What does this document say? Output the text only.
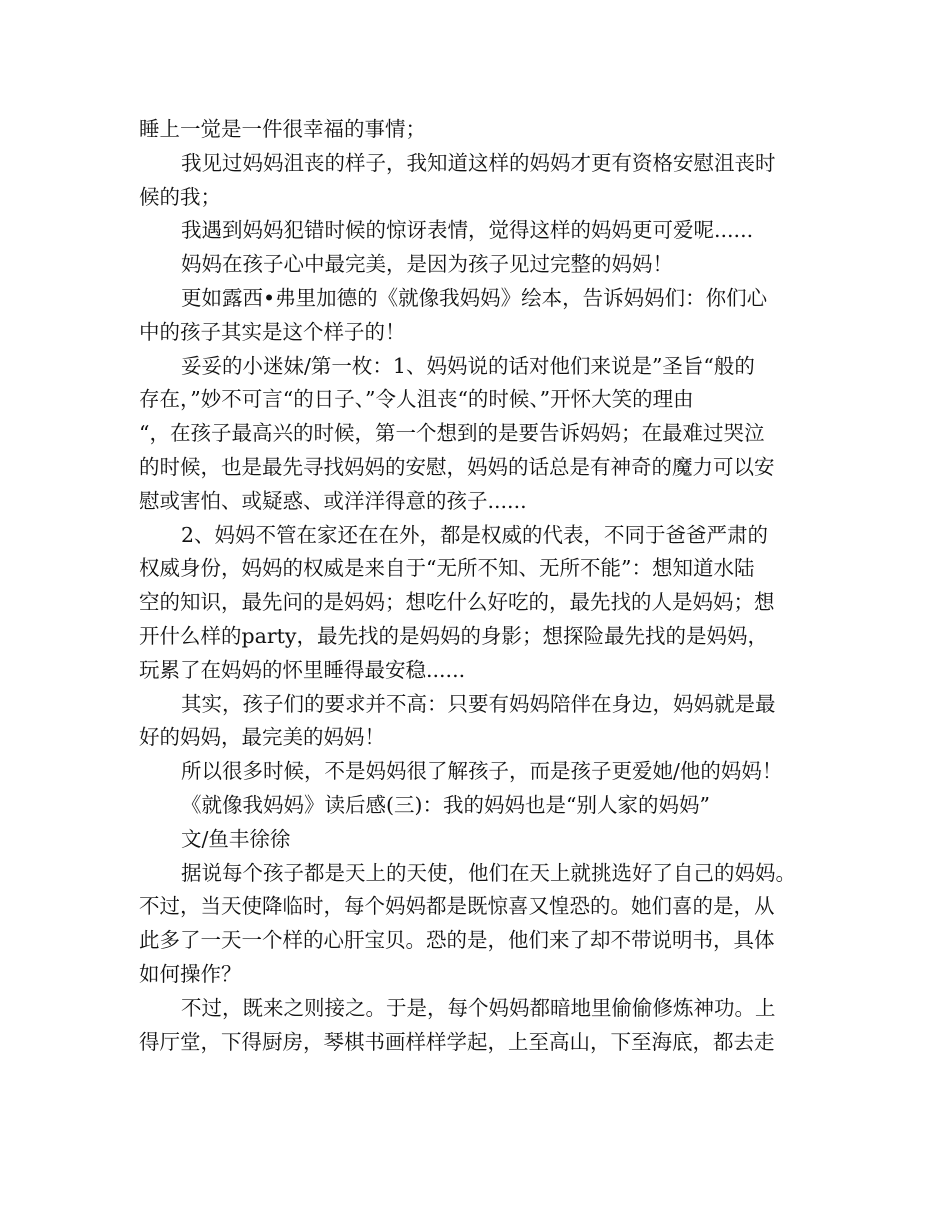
睡上一觉是一件很幸福的事情；
我见过妈妈沮丧的样子，我知道这样的妈妈才更有资格安慰沮丧时
候的我；
我遇到妈妈犯错时候的惊讶表情，觉得这样的妈妈更可爱呢......
妈妈在孩子心中最完美，是因为孩子见过完整的妈妈！
更如露西•弗里加德的《就像我妈妈》绘本，告诉妈妈们：你们心
中的孩子其实是这个样子的！
妥妥的小迷妹/第一枚：1、妈妈说的话对他们来说是”圣旨“般的
存在，”妙不可言“的日子、”令人沮丧“的时候、”开怀大笑的理由
“，在孩子最高兴的时候，第一个想到的是要告诉妈妈；在最难过哭泣
的时候，也是最先寻找妈妈的安慰，妈妈的话总是有神奇的魔力可以安
慰或害怕、或疑惑、或洋洋得意的孩子......
2、妈妈不管在家还在在外，都是权威的代表，不同于爸爸严肃的
权威身份，妈妈的权威是来自于“无所不知、无所不能”：想知道水陆
空的知识，最先问的是妈妈；想吃什么好吃的，最先找的人是妈妈；想
开什么样的party，最先找的是妈妈的身影；想探险最先找的是妈妈，
玩累了在妈妈的怀里睡得最安稳......
其实，孩子们的要求并不高：只要有妈妈陪伴在身边，妈妈就是最
好的妈妈，最完美的妈妈！
所以很多时候，不是妈妈很了解孩子，而是孩子更爱她/他的妈妈！
《就像我妈妈》读后感(三)：我的妈妈也是“别人家的妈妈”
文/鱼丰徐徐
据说每个孩子都是天上的天使，他们在天上就挑选好了自己的妈妈。
不过，当天使降临时，每个妈妈都是既惊喜又惶恐的。她们喜的是，从
此多了一天一个样的心肝宝贝。恐的是，他们来了却不带说明书，具体
如何操作？
不过，既来之则接之。于是，每个妈妈都暗地里偷偷修炼神功。上
得厅堂，下得厨房，琴棋书画样样学起，上至高山，下至海底，都去走
